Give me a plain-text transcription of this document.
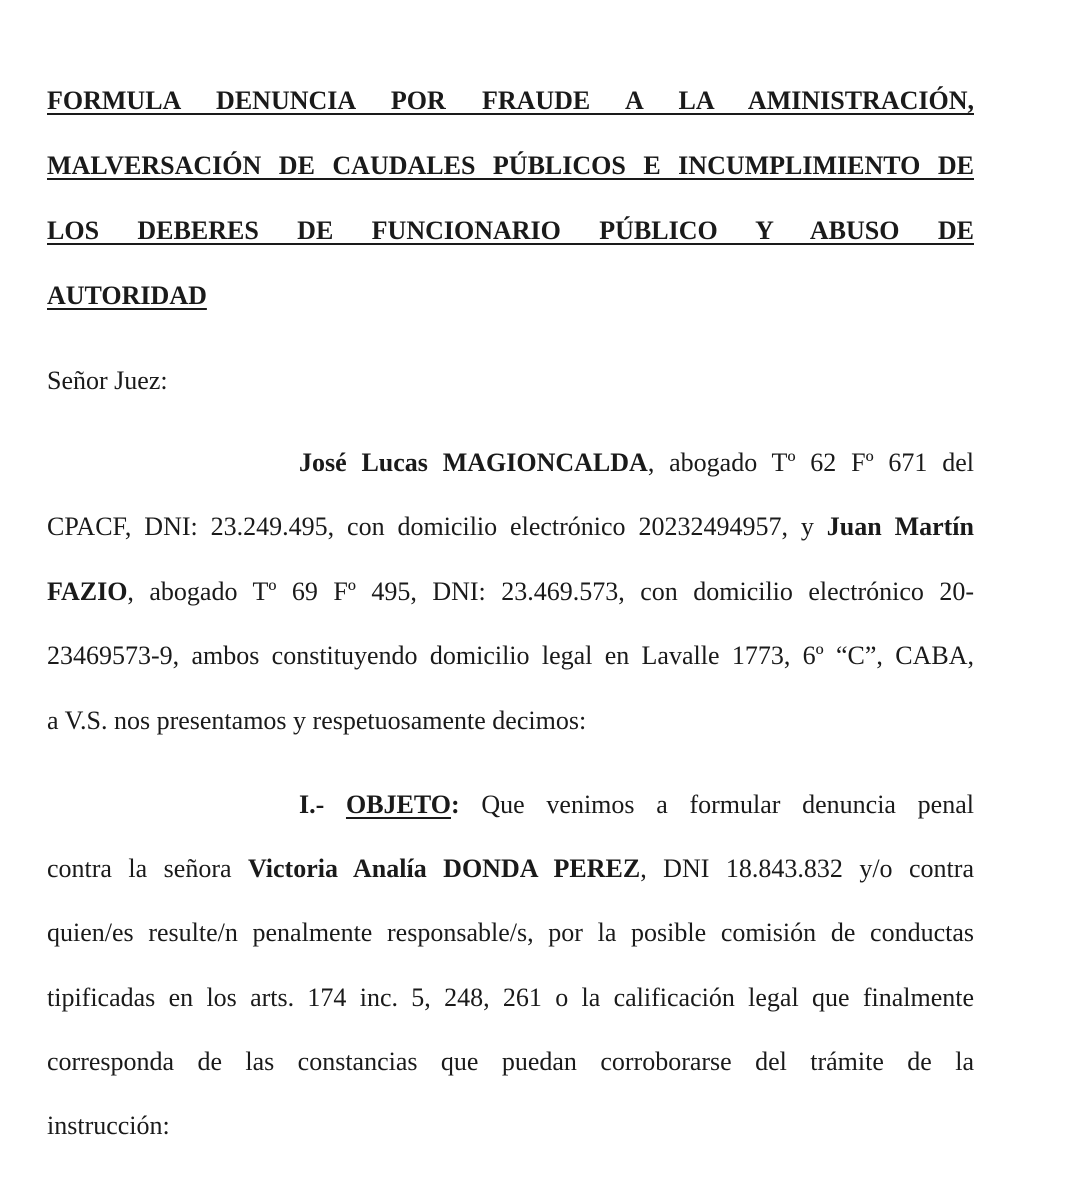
FORMULA DENUNCIA POR FRAUDE A LA AMINISTRACIÓN,
MALVERSACIÓN DE CAUDALES PÚBLICOS E INCUMPLIMIENTO DE
LOS DEBERES DE FUNCIONARIO PÚBLICO Y ABUSO DE
AUTORIDAD
Señor Juez:
José Lucas MAGIONCALDA, abogado Tº 62 Fº 671 del
CPACF, DNI: 23.249.495, con domicilio electrónico 20232494957, y Juan Martín
FAZIO, abogado Tº 69 Fº 495, DNI: 23.469.573, con domicilio electrónico 20-
23469573-9, ambos constituyendo domicilio legal en Lavalle 1773, 6º “C”, CABA,
a V.S. nos presentamos y respetuosamente decimos:
I.- OBJETO: Que venimos a formular denuncia penal
contra la señora Victoria Analía DONDA PEREZ, DNI 18.843.832 y/o contra
quien/es resulte/n penalmente responsable/s, por la posible comisión de conductas
tipificadas en los arts. 174 inc. 5, 248, 261 o la calificación legal que finalmente
corresponda de las constancias que puedan corroborarse del trámite de la
instrucción:
